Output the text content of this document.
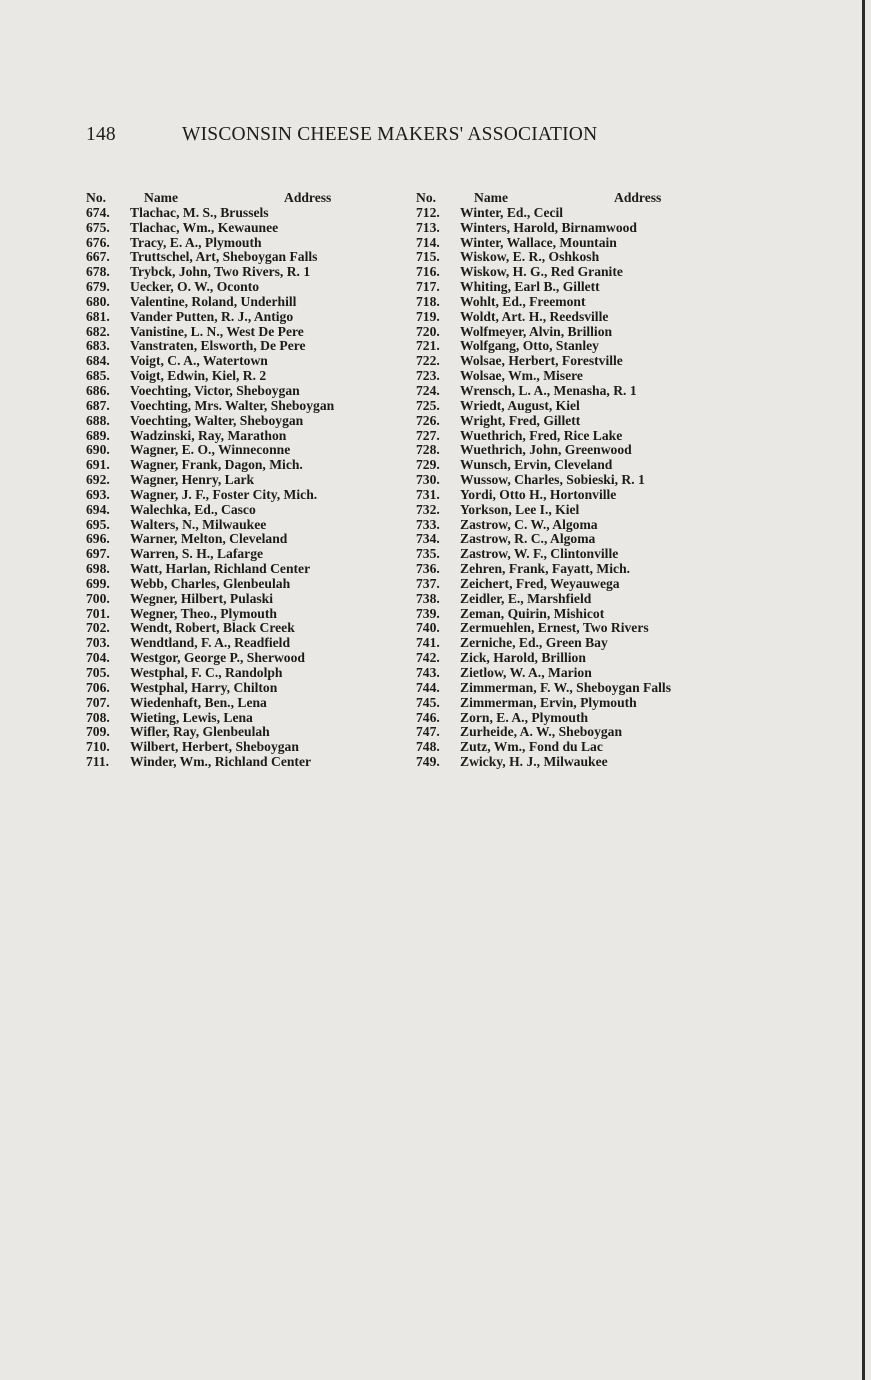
148	WISCONSIN CHEESE MAKERS' ASSOCIATION
No.	Name	Address
674. Tlachac, M. S., Brussels
675. Tlachac, Wm., Kewaunee
676. Tracy, E. A., Plymouth
667. Truttschel, Art, Sheboygan Falls
678. Trybck, John, Two Rivers, R. 1
679. Uecker, O. W., Oconto
680. Valentine, Roland, Underhill
681. Vander Putten, R. J., Antigo
682. Vanistine, L. N., West De Pere
683. Vanstraten, Elsworth, De Pere
684. Voigt, C. A., Watertown
685. Voigt, Edwin, Kiel, R. 2
686. Voechting, Victor, Sheboygan
687. Voechting, Mrs. Walter, Sheboygan
688. Voechting, Walter, Sheboygan
689. Wadzinski, Ray, Marathon
690. Wagner, E. O., Winneconne
691. Wagner, Frank, Dagon, Mich.
692. Wagner, Henry, Lark
693. Wagner, J. F., Foster City, Mich.
694. Walechka, Ed., Casco
695. Walters, N., Milwaukee
696. Warner, Melton, Cleveland
697. Warren, S. H., Lafarge
698. Watt, Harlan, Richland Center
699. Webb, Charles, Glenbeulah
700. Wegner, Hilbert, Pulaski
701. Wegner, Theo., Plymouth
702. Wendt, Robert, Black Creek
703. Wendtland, F. A., Readfield
704. Westgor, George P., Sherwood
705. Westphal, F. C., Randolph
706. Westphal, Harry, Chilton
707. Wiedenhaft, Ben., Lena
708. Wieting, Lewis, Lena
709. Wifler, Ray, Glenbeulah
710. Wilbert, Herbert, Sheboygan
711. Winder, Wm., Richland Center
No.	Name	Address
712. Winter, Ed., Cecil
713. Winters, Harold, Birnamwood
714. Winter, Wallace, Mountain
715. Wiskow, E. R., Oshkosh
716. Wiskow, H. G., Red Granite
717. Whiting, Earl B., Gillett
718. Wohlt, Ed., Freemont
719. Woldt, Art. H., Reedsville
720. Wolfmeyer, Alvin, Brillion
721. Wolfgang, Otto, Stanley
722. Wolsae, Herbert, Forestville
723. Wolsae, Wm., Misere
724. Wrensch, L. A., Menasha, R. 1
725. Wriedt, August, Kiel
726. Wright, Fred, Gillett
727. Wuethrich, Fred, Rice Lake
728. Wuethrich, John, Greenwood
729. Wunsch, Ervin, Cleveland
730. Wussow, Charles, Sobieski, R. 1
731. Yordi, Otto H., Hortonville
732. Yorkson, Lee I., Kiel
733. Zastrow, C. W., Algoma
734. Zastrow, R. C., Algoma
735. Zastrow, W. F., Clintonville
736. Zehren, Frank, Fayatt, Mich.
737. Zeichert, Fred, Weyauwega
738. Zeidler, E., Marshfield
739. Zeman, Quirin, Mishicot
740. Zermuehlen, Ernest, Two Rivers
741. Zerniche, Ed., Green Bay
742. Zick, Harold, Brillion
743. Zietlow, W. A., Marion
744. Zimmerman, F. W., Sheboygan Falls
745. Zimmerman, Ervin, Plymouth
746. Zorn, E. A., Plymouth
747. Zurheide, A. W., Sheboygan
748. Zutz, Wm., Fond du Lac
749. Zwicky, H. J., Milwaukee
